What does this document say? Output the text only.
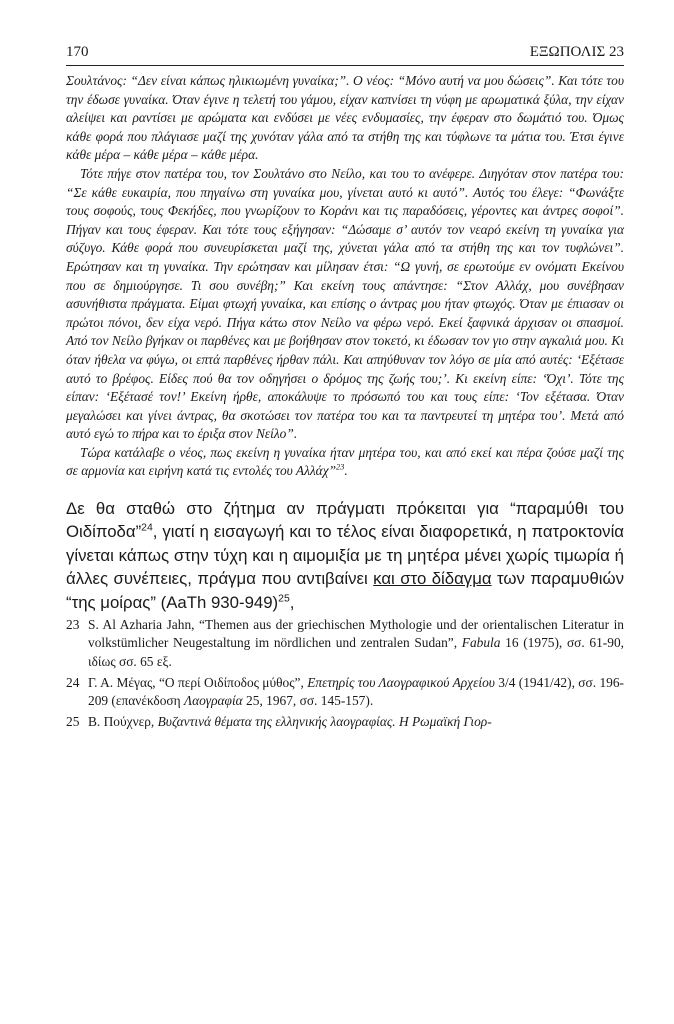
170	ΕΞΩΠΟΛΙΣ 23

Σουλτάνος: “Δεν είναι κάπως ηλικιωμένη γυναίκα;”. Ο νέος: “Μόνο αυτή να μου δώσεις”. Και τότε του την έδωσε γυναίκα. Όταν έγινε η τελετή του γάμου, είχαν καπνίσει τη νύφη με αρωματικά ξύλα, την είχαν αλείψει και ραντίσει με αρώματα και ενδύσει με νέες ενδυμασίες, την έφεραν στο δωμάτιό του. Όμως κάθε φορά που πλάγιασε μαζί της χυνόταν γάλα από τα στήθη της και τύφλωνε τα μάτια του. Έτσι έγινε κάθε μέρα – κάθε μέρα – κάθε μέρα.

Τότε πήγε στον πατέρα του, τον Σουλτάνο στο Νείλο, και του το ανέφερε. Διηγόταν στον πατέρα του: “Σε κάθε ευκαιρία, που πηγαίνω στη γυναίκα μου, γίνεται αυτό κι αυτό”. Αυτός του έλεγε: “Φωνάξτε τους σοφούς, τους Φεκήδες, που γνωρίζουν το Κοράνι και τις παραδόσεις, γέροντες και άντρες σοφοί”. Πήγαν και τους έφεραν. Και τότε τους εξήγησαν: “Δώσαμε σ’ αυτόν τον νεαρό εκείνη τη γυναίκα για σύζυγο. Κάθε φορά που συνευρίσκεται μαζί της, χύνεται γάλα από τα στήθη της και τον τυφλώνει”. Ερώτησαν και τη γυναίκα. Την ερώτησαν και μίλησαν έτσι: “Ω γυνή, σε ερωτούμε εν ονόματι Εκείνου που σε δημιούργησε. Τι σου συνέβη;” Και εκείνη τους απάντησε: “Στον Αλλάχ, μου συνέβησαν ασυνήθιστα πράγματα. Είμαι φτωχή γυναίκα, και επίσης ο άντρας μου ήταν φτωχός. Όταν με έπιασαν οι πρώτοι πόνοι, δεν είχα νερό. Πήγα κάτω στον Νείλο να φέρω νερό. Εκεί ξαφνικά άρχισαν οι σπασμοί. Από τον Νείλο βγήκαν οι παρθένες και με βοήθησαν στον τοκετό, κι έδωσαν τον γιο στην αγκαλιά μου. Κι όταν ήθελα να φύγω, οι επτά παρθένες ήρθαν πάλι. Και απηύθυναν τον λόγο σε μία από αυτές: ‘Εξέτασε αυτό το βρέφος. Είδες πού θα τον οδηγήσει ο δρόμος της ζωής του;’. Κι εκείνη είπε: ‘Όχι’. Τότε της είπαν: ‘Εξέτασέ τον!’ Εκείνη ήρθε, αποκάλυψε το πρόσωπό του και τους είπε: ‘Τον εξέτασα. Όταν μεγαλώσει και γίνει άντρας, θα σκοτώσει τον πατέρα του και τα παντρευτεί τη μητέρα του’. Μετά από αυτό εγώ το πήρα και το έριξα στον Νείλο”.

Τώρα κατάλαβε ο νέος, πως εκείνη η γυναίκα ήταν μητέρα του, και από εκεί και πέρα ζούσε μαζί της σε αρμονία και ειρήνη κατά τις εντολές του Αλλάχ”$^{23}$.

Δε θα σταθώ στο ζήτημα αν πράγματι πρόκειται για “παραμύθι του Οιδίποδα”$^{24}$, γιατί η εισαγωγή και το τέλος είναι διαφορετικά, η πατροκτονία γίνεται κάπως στην τύχη και η αιμομιξία με τη μητέρα μένει χωρίς τιμωρία ή άλλες συνέπειες, πράγμα που αντιβαίνει και στο δίδαγμα των παραμυθιών “της μοίρας” (AaTh 930-949)$^{25}$,

23 S. Al Azharia Jahn, “Themen aus der griechischen Mythologie und der orientalischen Literatur in volkstümlicher Neugestaltung im nördlichen und zentralen Sudan”, Fabula 16 (1975), σσ. 61-90, ιδίως σσ. 65 εξ.
24 Γ. Α. Μέγας, “Ο περί Οιδίποδος μύθος”, Επετηρίς του Λαογραφικού Αρχείου 3/4 (1941/42), σσ. 196-209 (επανέκδοση Λαογραφία 25, 1967, σσ. 145-157).
25 Β. Πούχνερ, Βυζαντινά θέματα της ελληνικής λαογραφίας. Η Ρωμαϊκή Γιορ-
